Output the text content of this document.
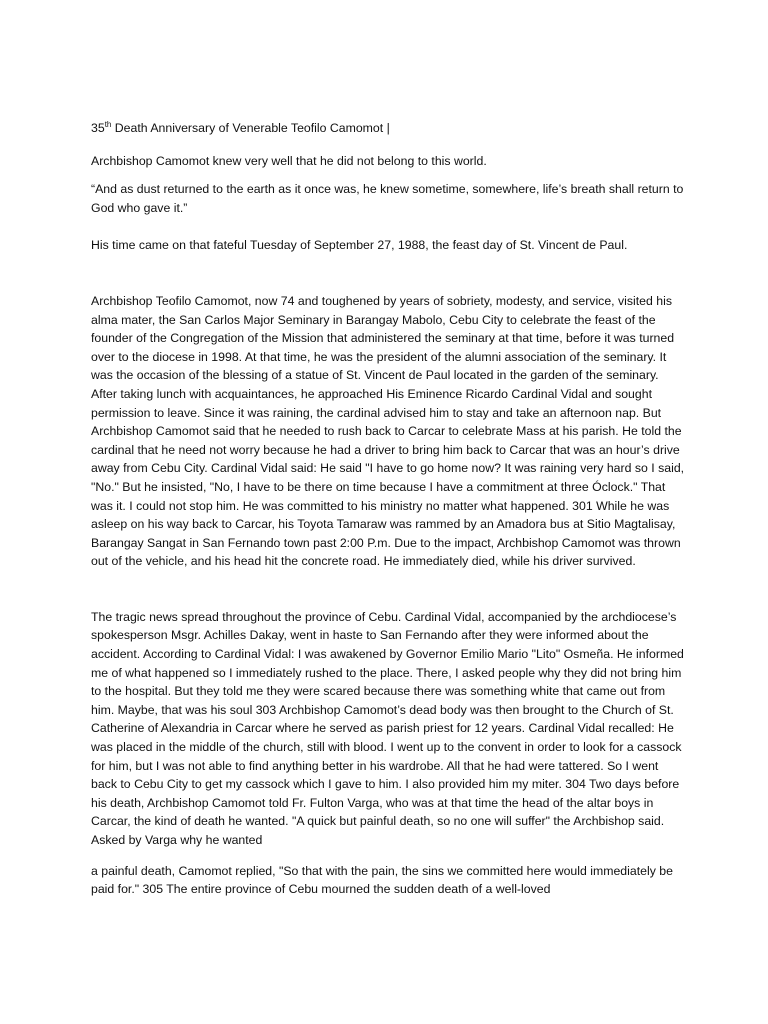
35th Death Anniversary of Venerable Teofilo Camomot |

Archbishop Camomot knew very well that he did not belong to this world.

“And as dust returned to the earth as it once was, he knew sometime, somewhere, life’s breath shall return to God who gave it.”

His time came on that fateful Tuesday of September 27, 1988, the feast day of St. Vincent de Paul.

Archbishop Teofilo Camomot, now 74 and toughened by years of sobriety, modesty, and service, visited his alma mater, the San Carlos Major Seminary in Barangay Mabolo, Cebu City to celebrate the feast of the founder of the Congregation of the Mission that administered the seminary at that time, before it was turned over to the diocese in 1998. At that time, he was the president of the alumni association of the seminary. It was the occasion of the blessing of a statue of St. Vincent de Paul located in the garden of the seminary. After taking lunch with acquaintances, he approached His Eminence Ricardo Cardinal Vidal and sought permission to leave. Since it was raining, the cardinal advised him to stay and take an afternoon nap. But Archbishop Camomot said that he needed to rush back to Carcar to celebrate Mass at his parish. He told the cardinal that he need not worry because he had a driver to bring him back to Carcar that was an hour’s drive away from Cebu City. Cardinal Vidal said: He said "I have to go home now? It was raining very hard so I said, "No." But he insisted, "No, I have to be there on time because I have a commitment at three Óclock." That was it. I could not stop him. He was committed to his ministry no matter what happened. 301 While he was asleep on his way back to Carcar, his Toyota Tamaraw was rammed by an Amadora bus at Sitio Magtalisay, Barangay Sangat in San Fernando town past 2:00 P.m. Due to the impact, Archbishop Camomot was thrown out of the vehicle, and his head hit the concrete road. He immediately died, while his driver survived.

The tragic news spread throughout the province of Cebu. Cardinal Vidal, accompanied by the archdiocese’s spokesperson Msgr. Achilles Dakay, went in haste to San Fernando after they were informed about the accident. According to Cardinal Vidal: I was awakened by Governor Emilio Mario "Lito" Osmeña. He informed me of what happened so I immediately rushed to the place. There, I asked people why they did not bring him to the hospital. But they told me they were scared because there was something white that came out from him. Maybe, that was his soul 303 Archbishop Camomot’s dead body was then brought to the Church of St. Catherine of Alexandria in Carcar where he served as parish priest for 12 years. Cardinal Vidal recalled: He was placed in the middle of the church, still with blood. I went up to the convent in order to look for a cassock for him, but I was not able to find anything better in his wardrobe. All that he had were tattered. So I went back to Cebu City to get my cassock which I gave to him. I also provided him my miter. 304 Two days before his death, Archbishop Camomot told Fr. Fulton Varga, who was at that time the head of the altar boys in Carcar, the kind of death he wanted. "A quick but painful death, so no one will suffer" the Archbishop said. Asked by Varga why he wanted

a painful death, Camomot replied, "So that with the pain, the sins we committed here would immediately be paid for." 305 The entire province of Cebu mourned the sudden death of a well-loved
